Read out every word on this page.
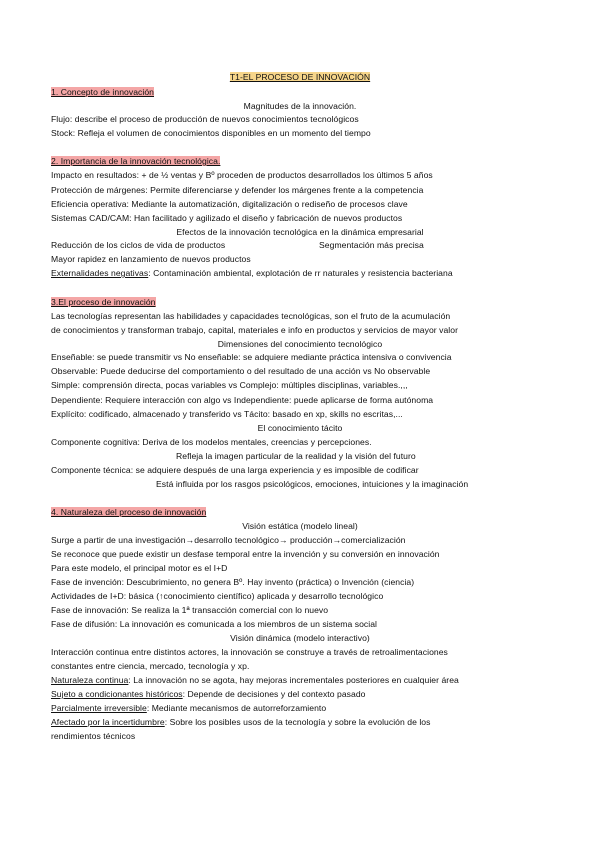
T1-EL PROCESO DE INNOVACIÓN
1. Concepto de innovación
Magnitudes de la innovación.
Flujo: describe el proceso de producción de nuevos conocimientos tecnológicos
Stock: Refleja el volumen de conocimientos disponibles en un momento del tiempo
2. Importancia de la innovación tecnológica.
Impacto en resultados: + de ½ ventas y Bº proceden de productos desarrollados los últimos 5 años
Protección de márgenes: Permite diferenciarse y defender los márgenes frente a la competencia
Eficiencia operativa: Mediante la automatización, digitalización o rediseño de procesos clave
Sistemas CAD/CAM: Han facilitado y agilizado el diseño y fabricación de nuevos productos
Efectos de la innovación tecnológica en la dinámica empresarial
Reducción de los ciclos de vida de productos	Segmentación más precisa
Mayor rapidez en lanzamiento de nuevos productos
Externalidades negativas: Contaminación ambiental, explotación de rr naturales y resistencia bacteriana
3.El proceso de innovación
Las tecnologías representan las habilidades y capacidades tecnológicas, son el fruto de la acumulación
de conocimientos y transforman trabajo, capital, materiales e info en productos y servicios de mayor valor
Dimensiones del conocimiento tecnológico
Enseñable: se puede transmitir vs No enseñable: se adquiere mediante práctica intensiva o convivencia
Observable: Puede deducirse del comportamiento o del resultado de una acción vs No observable
Simple: comprensión directa, pocas variables vs Complejo: múltiples disciplinas, variables.,,,
Dependiente: Requiere interacción con algo vs Independiente: puede aplicarse de forma autónoma
Explícito: codificado, almacenado y transferido vs Tácito: basado en xp, skills no escritas,...
El conocimiento tácito
Componente cognitiva: Deriva de los modelos mentales, creencias y percepciones.
Refleja la imagen particular de la realidad y la visión del futuro
Componente técnica: se adquiere después de una larga experiencia y es imposible de codificar
Está influida por los rasgos psicológicos, emociones, intuiciones y la imaginación
4. Naturaleza del proceso de innovación
Visión estática (modelo lineal)
Surge a partir de una investigación→desarrollo tecnológico→ producción→comercialización
Se reconoce que puede existir un desfase temporal entre la invención y su conversión en innovación
Para este modelo, el principal motor es el I+D
Fase de invención: Descubrimiento, no genera Bº. Hay invento (práctica) o Invención (ciencia)
Actividades de I+D: básica (↑conocimiento científico) aplicada y desarrollo tecnológico
Fase de innovación: Se realiza la 1ª transacción comercial con lo nuevo
Fase de difusión: La innovación es comunicada a los miembros de un sistema social
Visión dinámica (modelo interactivo)
Interacción continua entre distintos actores, la innovación se construye a través de retroalimentaciones
constantes entre ciencia, mercado, tecnología y xp.
Naturaleza continua: La innovación no se agota, hay mejoras incrementales posteriores en cualquier área
Sujeto a condicionantes históricos: Depende de decisiones y del contexto pasado
Parcialmente irreversible: Mediante mecanismos de autorreforzamiento
Afectado por la incertidumbre: Sobre los posibles usos de la tecnología y sobre la evolución de los
rendimientos técnicos
